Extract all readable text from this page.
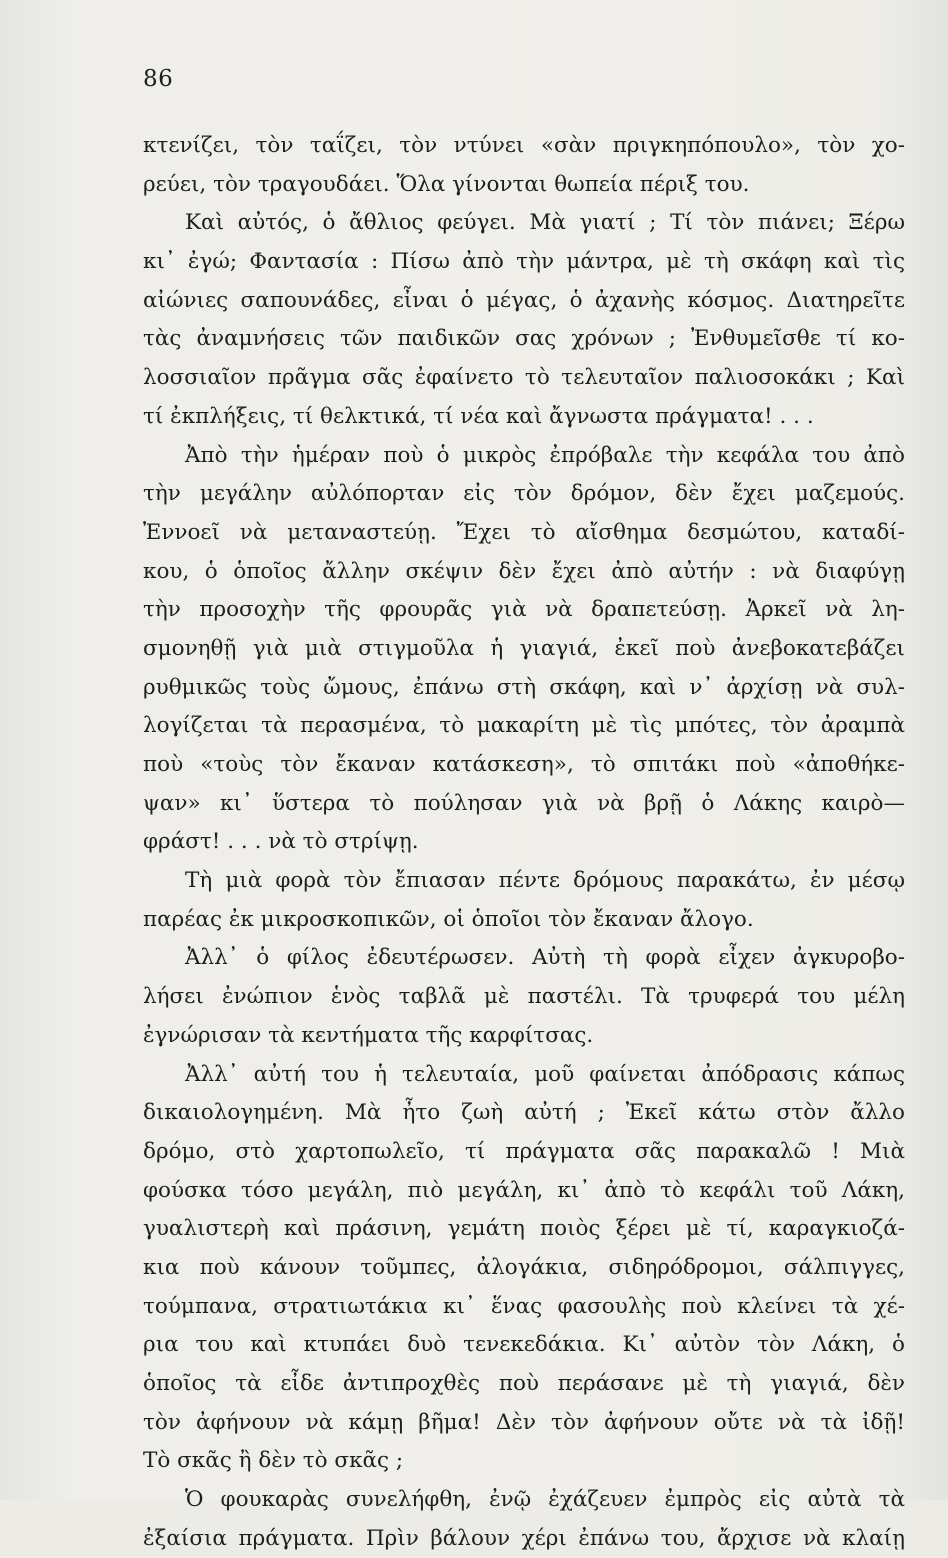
86
κτενίζει, τὸν ταΐζει, τὸν ντύνει «σὰν πριγκηπόπουλο», τὸν χο-
ρεύει, τὸν τραγουδάει. Ὅλα γίνονται θωπεία πέριξ του.
Καὶ αὐτός, ὁ ἄθλιος φεύγει. Μὰ γιατί ; Τί τὸν πιάνει; Ξέρω
κι᾿ ἐγώ; Φαντασία : Πίσω ἀπὸ τὴν μάντρα, μὲ τὴ σκάφη καὶ τὶς
αἰώνιες σαπουνάδες, εἶναι ὁ μέγας, ὁ ἀχανὴς κόσμος. Διατηρεῖτε
τὰς ἀναμνήσεις τῶν παιδικῶν σας χρόνων ; Ἐνθυμεῖσθε τί κο-
λοσσιαῖον πρᾶγμα σᾶς ἐφαίνετο τὸ τελευταῖον παλιοσοκάκι ; Καὶ
τί ἐκπλήξεις, τί θελκτικά, τί νέα καὶ ἄγνωστα πράγματα! . . .
Ἀπὸ τὴν ἡμέραν ποὺ ὁ μικρὸς ἐπρόβαλε τὴν κεφάλα του ἀπὸ
τὴν μεγάλην αὐλόπορταν εἰς τὸν δρόμον, δὲν ἔχει μαζεμούς.
Ἐννοεῖ νὰ μεταναστεύῃ. Ἔχει τὸ αἴσθημα δεσμώτου, καταδί-
κου, ὁ ὁποῖος ἄλλην σκέψιν δὲν ἔχει ἀπὸ αὐτήν : νὰ διαφύγῃ
τὴν προσοχὴν τῆς φρουρᾶς γιὰ νὰ δραπετεύσῃ. Ἀρκεῖ νὰ λη-
σμονηθῇ γιὰ μιὰ στιγμοῦλα ἡ γιαγιά, ἐκεῖ ποὺ ἀνεβοκατεβάζει
ρυθμικῶς τοὺς ὤμους, ἐπάνω στὴ σκάφη, καὶ ν᾿ ἀρχίσῃ νὰ συλ-
λογίζεται τὰ περασμένα, τὸ μακαρίτη μὲ τὶς μπότες, τὸν ἀραμπὰ
ποὺ «τοὺς τὸν ἔκαναν κατάσκεση», τὸ σπιτάκι ποὺ «ἀποθήκε-
ψαν» κι᾿ ὕστερα τὸ πούλησαν γιὰ νὰ βρῇ ὁ Λάκης καιρὸ—
φράστ! . . . νὰ τὸ στρίψῃ.
Τὴ μιὰ φορὰ τὸν ἔπιασαν πέντε δρόμους παρακάτω, ἐν μέσῳ
παρέας ἐκ μικροσκοπικῶν, οἱ ὁποῖοι τὸν ἔκαναν ἄλογο.
Ἀλλ᾿ ὁ φίλος ἐδευτέρωσεν. Αὐτὴ τὴ φορὰ εἶχεν ἀγκυροβο-
λήσει ἐνώπιον ἑνὸς ταβλᾶ μὲ παστέλι. Τὰ τρυφερά του μέλη
ἐγνώρισαν τὰ κεντήματα τῆς καρφίτσας.
Ἀλλ᾿ αὐτή του ἡ τελευταία, μοῦ φαίνεται ἀπόδρασις κάπως
δικαιολογημένη. Μὰ ἦτο ζωὴ αὐτή ; Ἐκεῖ κάτω στὸν ἄλλο
δρόμο, στὸ χαρτοπωλεῖο, τί πράγματα σᾶς παρακαλῶ ! Μιὰ
φούσκα τόσο μεγάλη, πιὸ μεγάλη, κι᾿ ἀπὸ τὸ κεφάλι τοῦ Λάκη,
γυαλιστερὴ καὶ πράσινη, γεμάτη ποιὸς ξέρει μὲ τί, καραγκιοζά-
κια ποὺ κάνουν τοῦμπες, ἀλογάκια, σιδηρόδρομοι, σάλπιγγες,
τούμπανα, στρατιωτάκια κι᾿ ἕνας φασουλὴς ποὺ κλείνει τὰ χέ-
ρια του καὶ κτυπάει δυὸ τενεκεδάκια. Κι᾿ αὐτὸν τὸν Λάκη, ὁ
ὁποῖος τὰ εἶδε ἀντιπροχθὲς ποὺ περάσανε μὲ τὴ γιαγιά, δὲν
τὸν ἀφήνουν νὰ κάμῃ βῆμα! Δὲν τὸν ἀφήνουν οὔτε νὰ τὰ ἰδῇ!
Τὸ σκᾶς ἢ δὲν τὸ σκᾶς ;
Ὁ φουκαρὰς συνελήφθη, ἐνῷ ἐχάζευεν ἐμπρὸς εἰς αὐτὰ τὰ
ἐξαίσια πράγματα. Πρὶν βάλουν χέρι ἐπάνω του, ἄρχισε νὰ κλαίῃ
